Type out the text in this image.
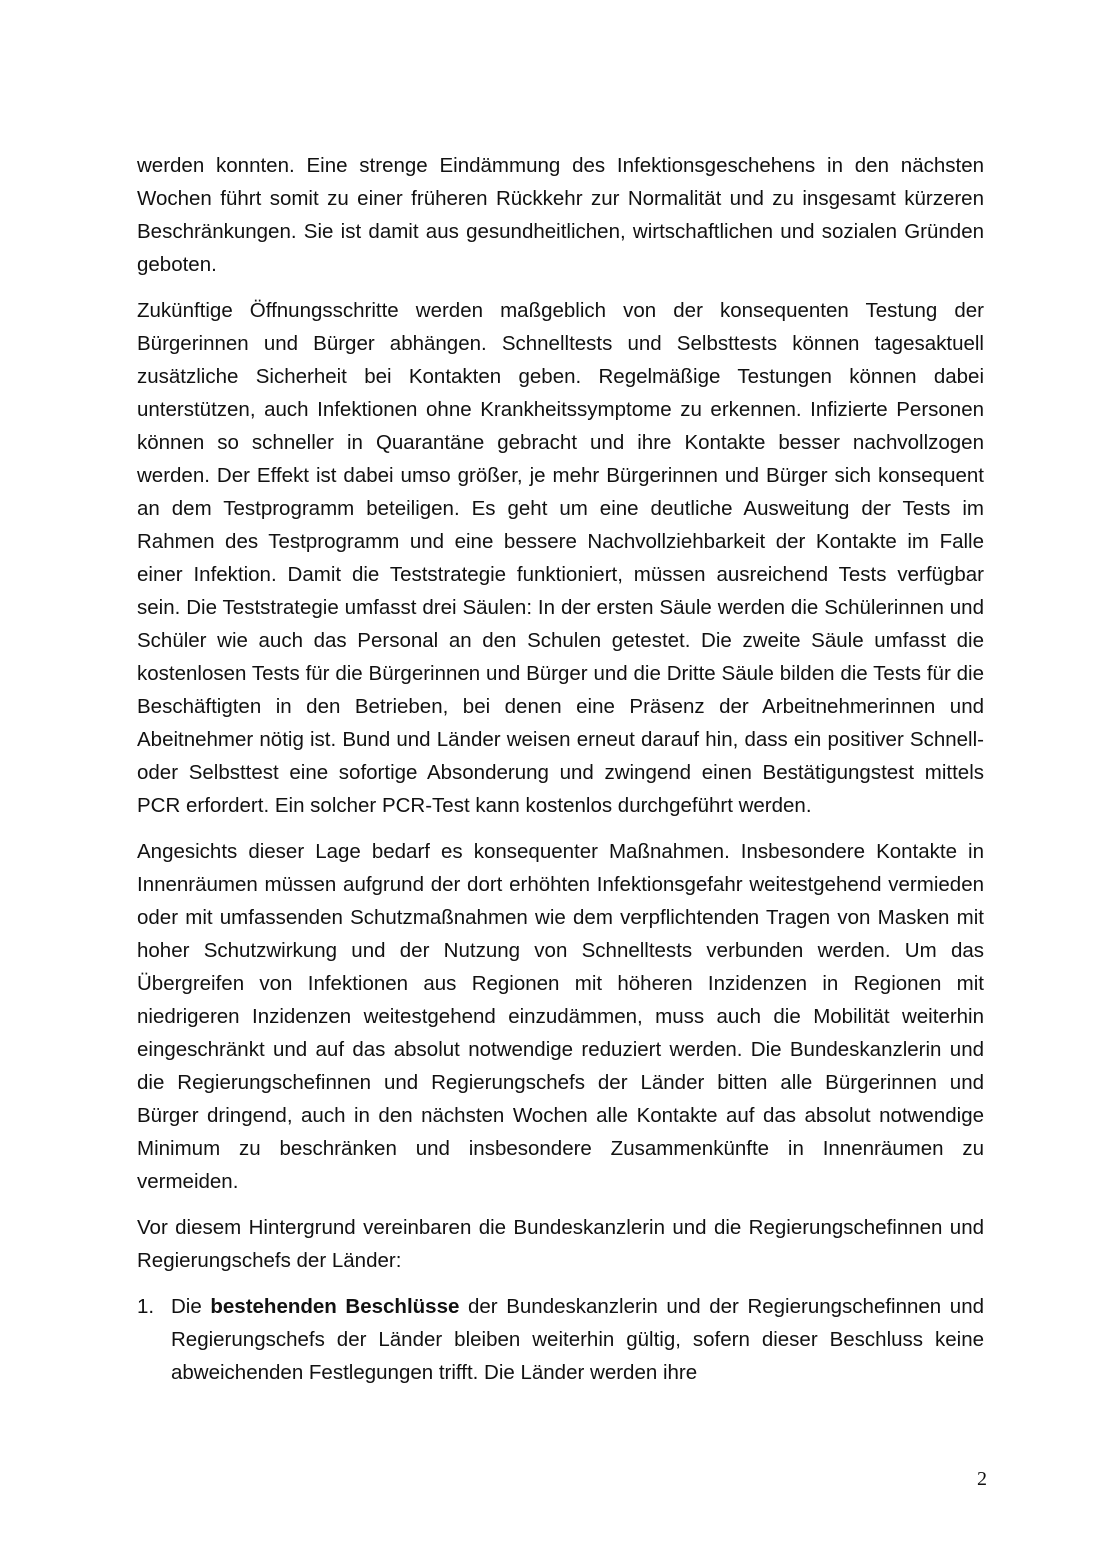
werden konnten. Eine strenge Eindämmung des Infektionsgeschehens in den nächsten Wochen führt somit zu einer früheren Rückkehr zur Normalität und zu insgesamt kürzeren Beschränkungen. Sie ist damit aus gesundheitlichen, wirtschaftlichen und sozialen Gründen geboten.

Zukünftige Öffnungsschritte werden maßgeblich von der konsequenten Testung der Bürgerinnen und Bürger abhängen. Schnelltests und Selbsttests können tagesaktuell zusätzliche Sicherheit bei Kontakten geben. Regelmäßige Testungen können dabei unterstützen, auch Infektionen ohne Krankheitssymptome zu erkennen. Infizierte Personen können so schneller in Quarantäne gebracht und ihre Kontakte besser nachvollzogen werden. Der Effekt ist dabei umso größer, je mehr Bürgerinnen und Bürger sich konsequent an dem Testprogramm beteiligen. Es geht um eine deutliche Ausweitung der Tests im Rahmen des Testprogramm und eine bessere Nachvollziehbarkeit der Kontakte im Falle einer Infektion. Damit die Teststrategie funktioniert, müssen ausreichend Tests verfügbar sein. Die Teststrategie umfasst drei Säulen: In der ersten Säule werden die Schülerinnen und Schüler wie auch das Personal an den Schulen getestet. Die zweite Säule umfasst die kostenlosen Tests für die Bürgerinnen und Bürger und die Dritte Säule bilden die Tests für die Beschäftigten in den Betrieben, bei denen eine Präsenz der Arbeitnehmerinnen und Abeitnehmer nötig ist. Bund und Länder weisen erneut darauf hin, dass ein positiver Schnell- oder Selbsttest eine sofortige Absonderung und zwingend einen Bestätigungstest mittels PCR erfordert. Ein solcher PCR-Test kann kostenlos durchgeführt werden.

Angesichts dieser Lage bedarf es konsequenter Maßnahmen. Insbesondere Kontakte in Innenräumen müssen aufgrund der dort erhöhten Infektionsgefahr weitestgehend vermieden oder mit umfassenden Schutzmaßnahmen wie dem verpflichtenden Tragen von Masken mit hoher Schutzwirkung und der Nutzung von Schnelltests verbunden werden. Um das Übergreifen von Infektionen aus Regionen mit höheren Inzidenzen in Regionen mit niedrigeren Inzidenzen weitestgehend einzudämmen, muss auch die Mobilität weiterhin eingeschränkt und auf das absolut notwendige reduziert werden. Die Bundeskanzlerin und die Regierungschefinnen und Regierungschefs der Länder bitten alle Bürgerinnen und Bürger dringend, auch in den nächsten Wochen alle Kontakte auf das absolut notwendige Minimum zu beschränken und insbesondere Zusammenkünfte in Innenräumen zu vermeiden.

Vor diesem Hintergrund vereinbaren die Bundeskanzlerin und die Regierungschefinnen und Regierungschefs der Länder:

1. Die bestehenden Beschlüsse der Bundeskanzlerin und der Regierungschefinnen und Regierungschefs der Länder bleiben weiterhin gültig, sofern dieser Beschluss keine abweichenden Festlegungen trifft. Die Länder werden ihre
2
